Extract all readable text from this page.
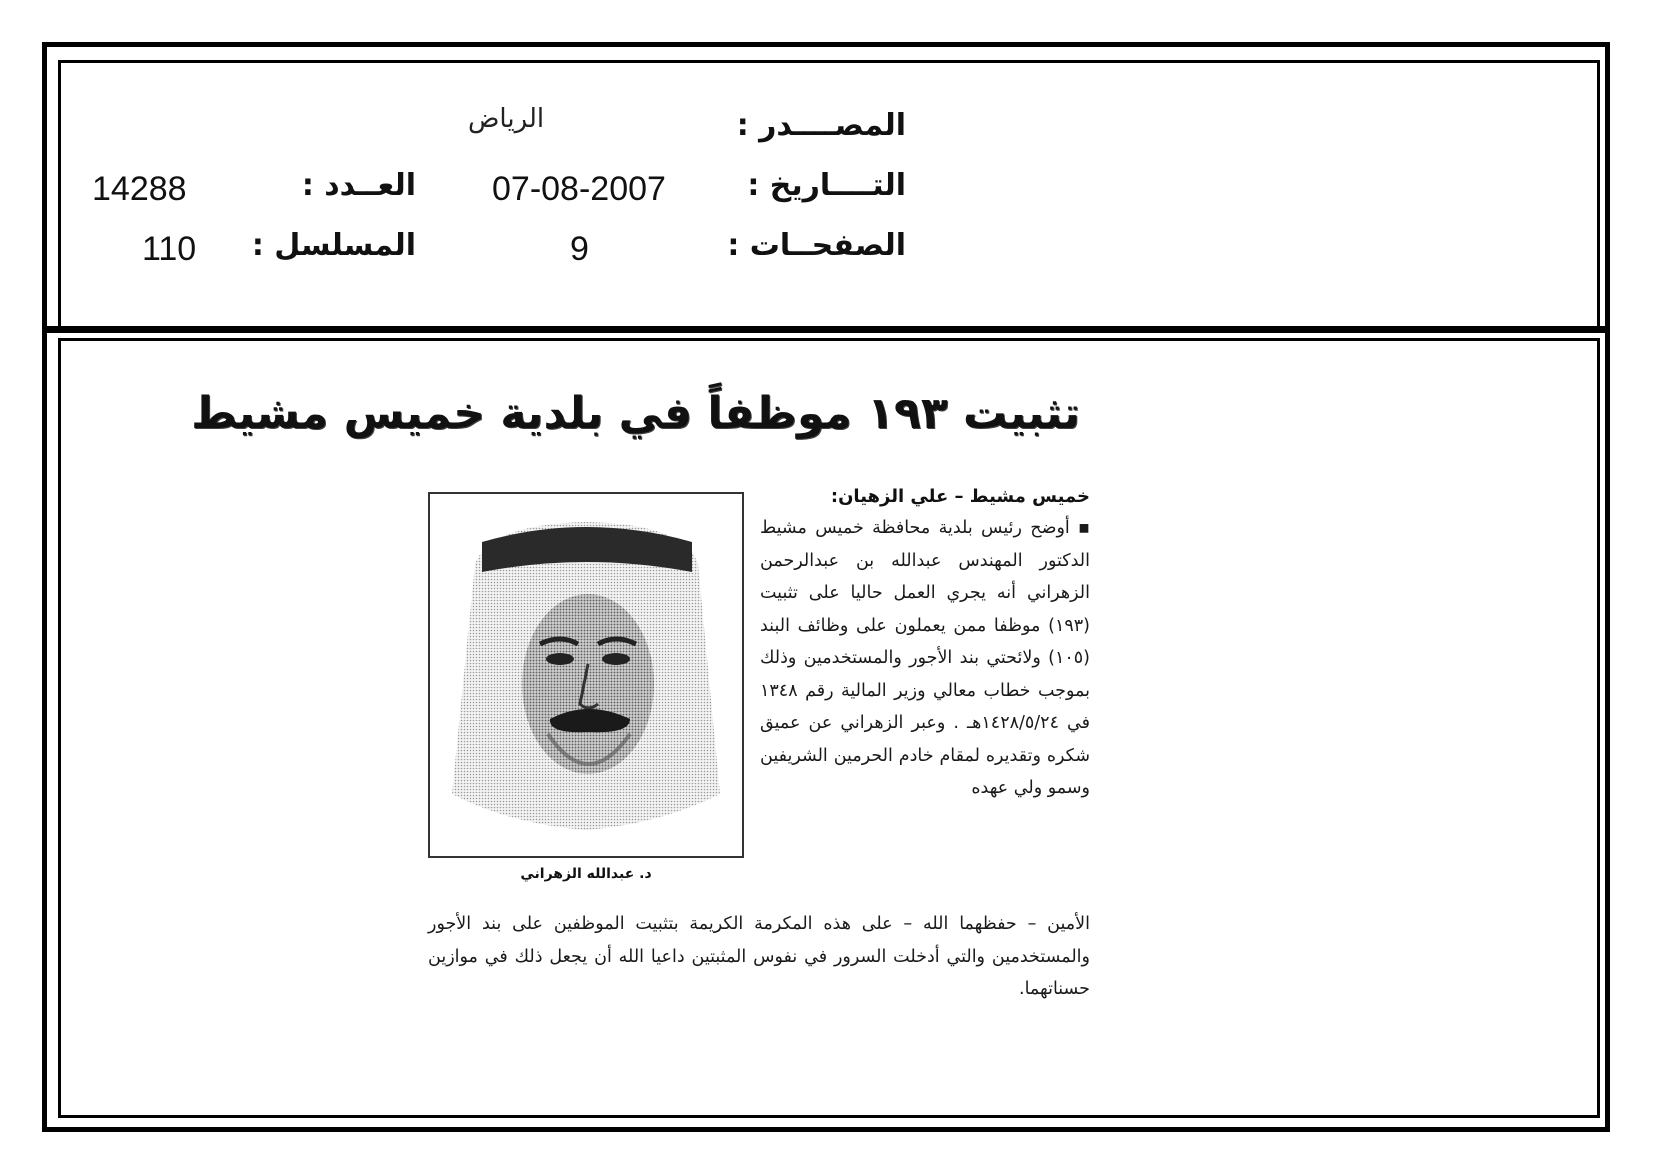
المصــــدر :
الرياض
التــــاريخ :
07-08-2007
العــدد :
14288
الصفحــات :
9
المسلسل :
110
تثبيت ١٩٣ موظفاً في بلدية خميس مشيط
خميس مشيط – علي الزهيان:

▪ أوضح رئيس بلدية محافظة خميس مشيط الدكتور المهندس عبدالله بن عبدالرحمن الزهراني أنه يجري العمل حاليا على تثبيت (١٩٣) موظفا ممن يعملون على وظائف البند (١٠٥) ولائحتي بند الأجور والمستخدمين وذلك بموجب خطاب معالي وزير المالية رقم ١٣٤٨ في ١٤٢٨/٥/٢٤هـ . وعبر الزهراني عن عميق شكره وتقديره لمقام خادم الحرمين الشريفين وسمو ولي عهده

د. عبدالله الزهراني

الأمين – حفظهما الله – على هذه المكرمة الكريمة بتثبيت الموظفين على بند الأجور والمستخدمين والتي أدخلت السرور في نفوس المثبتين داعيا الله أن يجعل ذلك في موازين حسناتهما.
